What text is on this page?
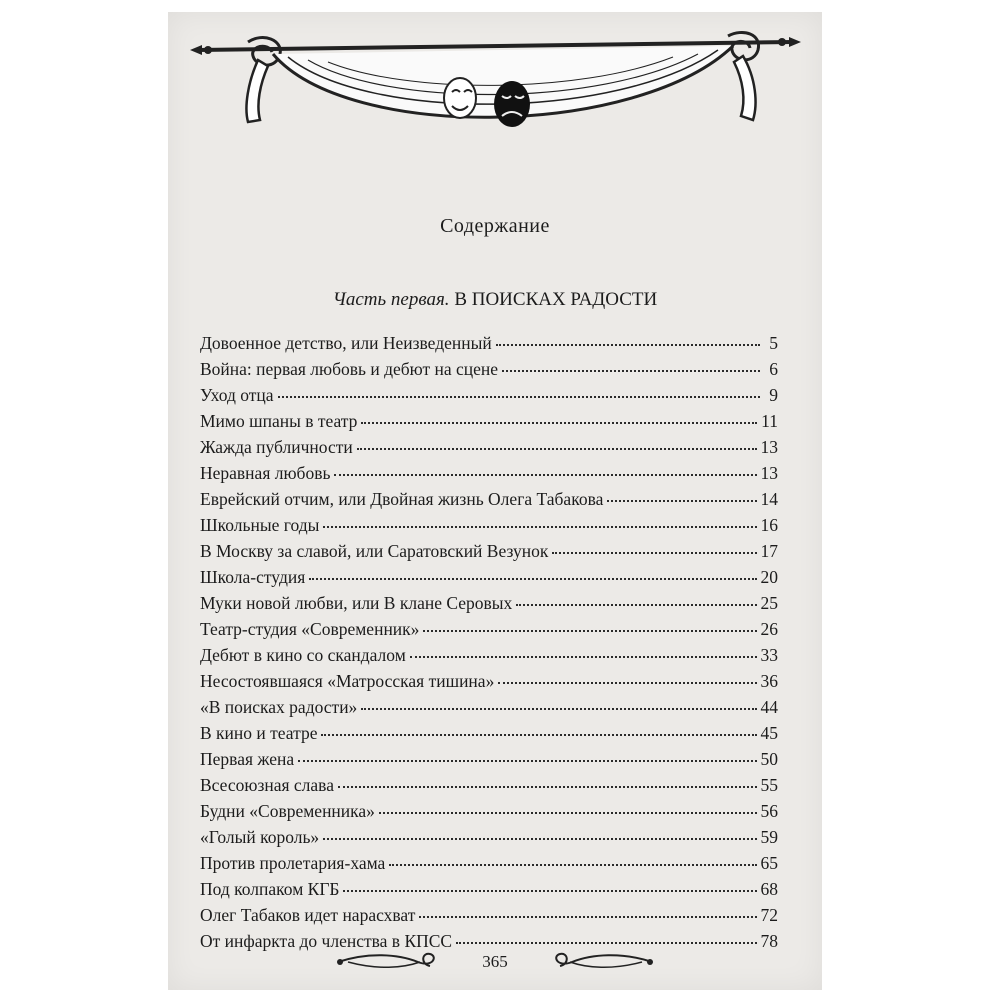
Содержание
Часть первая. В ПОИСКАХ РАДОСТИ
Довоенное детство, или Неизведенный	5
Война: первая любовь и дебют на сцене	6
Уход отца	9
Мимо шпаны в театр	11
Жажда публичности	13
Неравная любовь	13
Еврейский отчим, или Двойная жизнь Олега Табакова	14
Школьные годы	16
В Москву за славой, или Саратовский Везунок	17
Школа-студия	20
Муки новой любви, или В клане Серовых	25
Театр-студия «Современник»	26
Дебют в кино со скандалом	33
Несостоявшаяся «Матросская тишина»	36
«В поисках радости»	44
В кино и театре	45
Первая жена	50
Всесоюзная слава	55
Будни «Современника»	56
«Голый король»	59
Против пролетария-хама	65
Под колпаком КГБ	68
Олег Табаков идет нарасхват	72
От инфаркта до членства в КПСС	78
365
